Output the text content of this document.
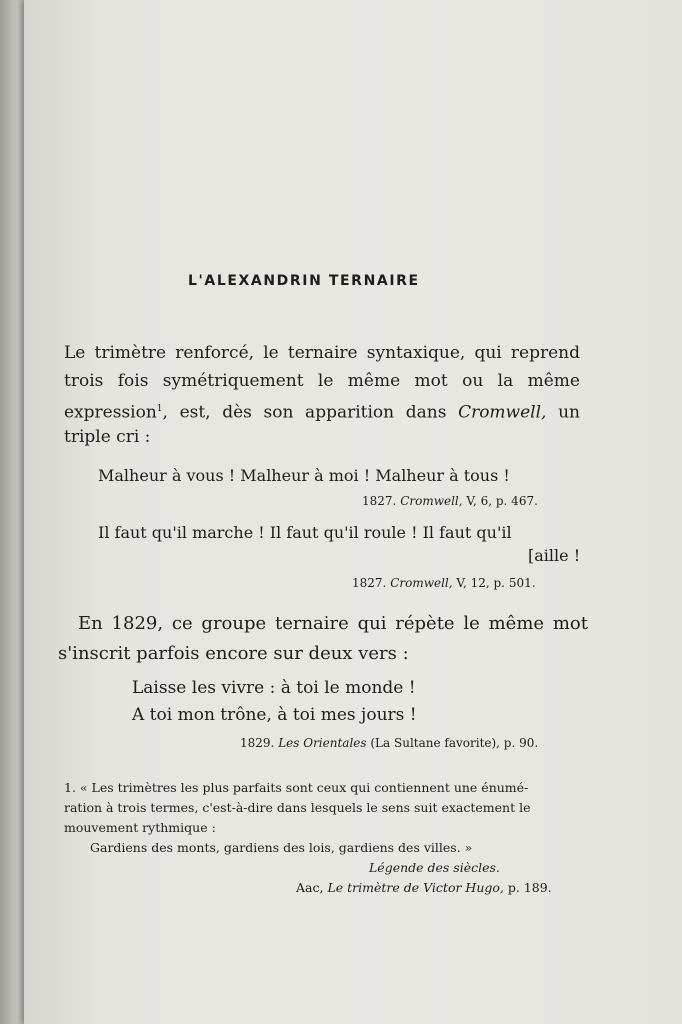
L'ALEXANDRIN TERNAIRE

Le trimètre renforcé, le ternaire syntaxique, qui reprend

trois fois symétriquement le même mot ou la même

expression$^1$, est, dès son apparition dans Cromwell, un

triple cri :

Malheur à vous ! Malheur à moi ! Malheur à tous !
1827. Cromwell, V, 6, p. 467.
Il faut qu'il marche ! Il faut qu'il roule ! Il faut qu'il
[aille !
1827. Cromwell, V, 12, p. 501.

En 1829, ce groupe ternaire qui répète le même mot

s'inscrit parfois encore sur deux vers :

Laisse les vivre : à toi le monde !
A toi mon trône, à toi mes jours !
1829. Les Orientales (La Sultane favorite), p. 90.
1. « Les trimètres les plus parfaits sont ceux qui contiennent une énumé-
ration à trois termes, c'est-à-dire dans lesquels le sens suit exactement le
mouvement rythmique :
Gardiens des monts, gardiens des lois, gardiens des villes. »
Légende des siècles.
Aac, Le trimètre de Victor Hugo, p. 189.
